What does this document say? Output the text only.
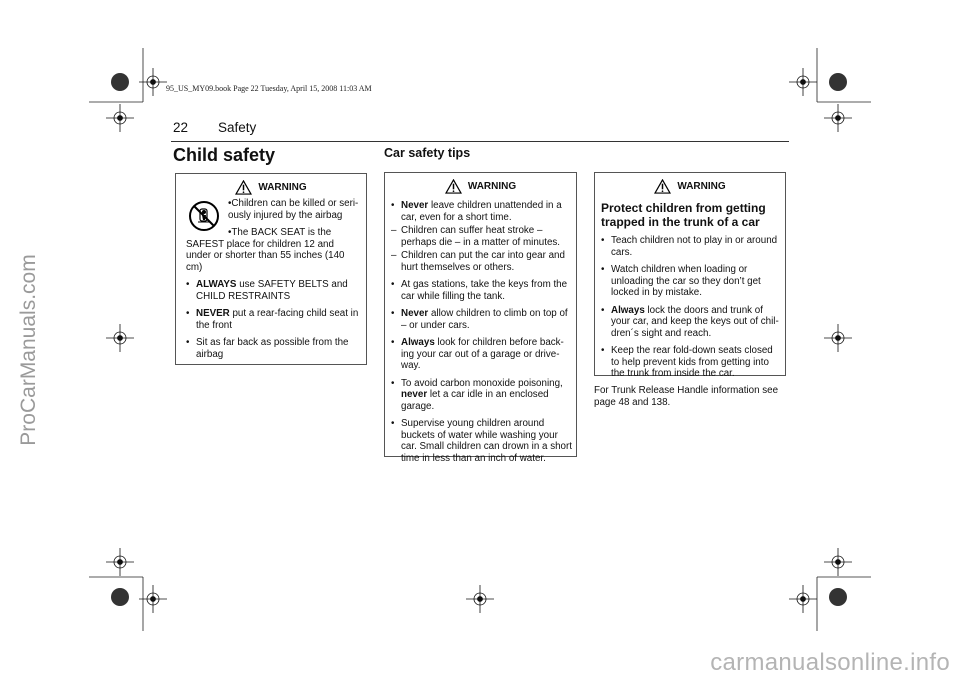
ProCarManuals.com
carmanualsonline.info
95_US_MY09.book Page 22 Tuesday, April 15, 2008 11:03 AM
22 Safety
Child safety	Car safety tips
WARNING

•Children can be killed or seri-ously injured by the airbag

•The BACK SEAT is the SAFEST place for children 12 and under or shorter than 55 inches (140 cm)

• ALWAYS use SAFETY BELTS and CHILD RESTRAINTS
• NEVER put a rear-facing child seat in the front
• Sit as far back as possible from the airbag
WARNING
• Never leave children unattended in a car, even for a short time.
– Children can suffer heat stroke – perhaps die – in a matter of minutes.
– Children can put the car into gear and hurt themselves or others.
• At gas stations, take the keys from the car while filling the tank.
• Never allow children to climb on top of – or under cars.
• Always look for children before back-ing your car out of a garage or drive-way.
• To avoid carbon monoxide poisoning, never let a car idle in an enclosed garage.
• Supervise young children around buckets of water while washing your car. Small children can drown in a short time in less than an inch of water.
WARNING
Protect children from getting trapped in the trunk of a car
• Teach children not to play in or around cars.
• Watch children when loading or unloading the car so they don’t get locked in by mistake.
• Always lock the doors and trunk of your car, and keep the keys out of chil-dren´s sight and reach.
• Keep the rear fold-down seats closed to help prevent kids from getting into the trunk from inside the car.
For Trunk Release Handle information see page 48 and 138.
